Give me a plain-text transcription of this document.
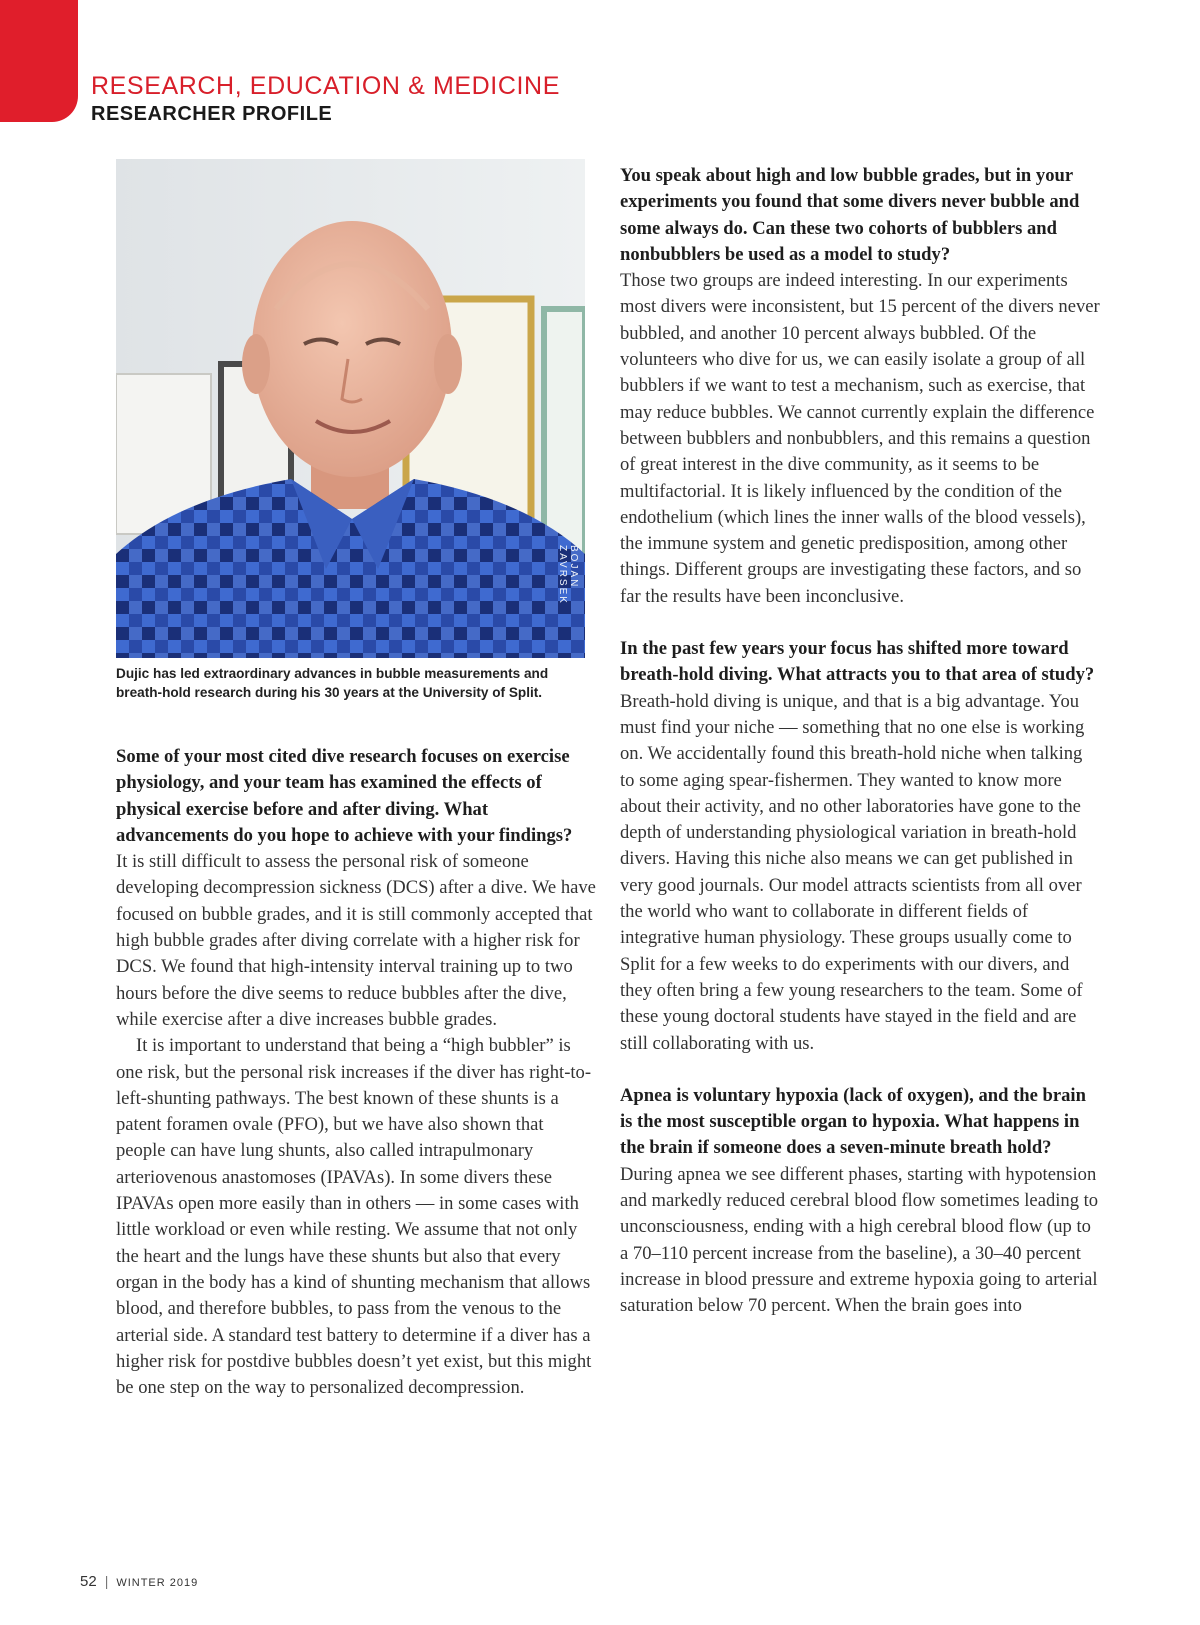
RESEARCH, EDUCATION & MEDICINE
RESEARCHER PROFILE
BOJAN ZAVRSEK
Dujic has led extraordinary advances in bubble measurements and breath-hold research during his 30 years at the University of Split.
Some of your most cited dive research focuses on exercise physiology, and your team has examined the effects of physical exercise before and after diving. What advancements do you hope to achieve with your findings?
It is still difficult to assess the personal risk of someone developing decompression sickness (DCS) after a dive. We have focused on bubble grades, and it is still commonly accepted that high bubble grades after diving correlate with a higher risk for DCS. We found that high-intensity interval training up to two hours before the dive seems to reduce bubbles after the dive, while exercise after a dive increases bubble grades.
It is important to understand that being a “high bubbler” is one risk, but the personal risk increases if the diver has right-to-left-shunting pathways. The best known of these shunts is a patent foramen ovale (PFO), but we have also shown that people can have lung shunts, also called intrapulmonary arteriovenous anastomoses (IPAVAs). In some divers these IPAVAs open more easily than in others — in some cases with little workload or even while resting. We assume that not only the heart and the lungs have these shunts but also that every organ in the body has a kind of shunting mechanism that allows blood, and therefore bubbles, to pass from the venous to the arterial side. A standard test battery to determine if a diver has a higher risk for postdive bubbles doesn’t yet exist, but this might be one step on the way to personalized decompression.
You speak about high and low bubble grades, but in your experiments you found that some divers never bubble and some always do. Can these two cohorts of bubblers and nonbubblers be used as a model to study?
Those two groups are indeed interesting. In our experiments most divers were inconsistent, but 15 percent of the divers never bubbled, and another 10 percent always bubbled. Of the volunteers who dive for us, we can easily isolate a group of all bubblers if we want to test a mechanism, such as exercise, that may reduce bubbles. We cannot currently explain the difference between bubblers and nonbubblers, and this remains a question of great interest in the dive community, as it seems to be multifactorial. It is likely influenced by the condition of the endothelium (which lines the inner walls of the blood vessels), the immune system and genetic predisposition, among other things. Different groups are investigating these factors, and so far the results have been inconclusive.
In the past few years your focus has shifted more toward breath-hold diving. What attracts you to that area of study?
Breath-hold diving is unique, and that is a big advantage. You must find your niche — something that no one else is working on. We accidentally found this breath-hold niche when talking to some aging spear-fishermen. They wanted to know more about their activity, and no other laboratories have gone to the depth of understanding physiological variation in breath-hold divers. Having this niche also means we can get published in very good journals. Our model attracts scientists from all over the world who want to collaborate in different fields of integrative human physiology. These groups usually come to Split for a few weeks to do experiments with our divers, and they often bring a few young researchers to the team. Some of these young doctoral students have stayed in the field and are still collaborating with us.
Apnea is voluntary hypoxia (lack of oxygen), and the brain is the most susceptible organ to hypoxia. What happens in the brain if someone does a seven-minute breath hold?
During apnea we see different phases, starting with hypotension and markedly reduced cerebral blood flow sometimes leading to unconsciousness, ending with a high cerebral blood flow (up to a 70–110 percent increase from the baseline), a 30–40 percent increase in blood pressure and extreme hypoxia going to arterial saturation below 70 percent. When the brain goes into
52 | WINTER 2019
